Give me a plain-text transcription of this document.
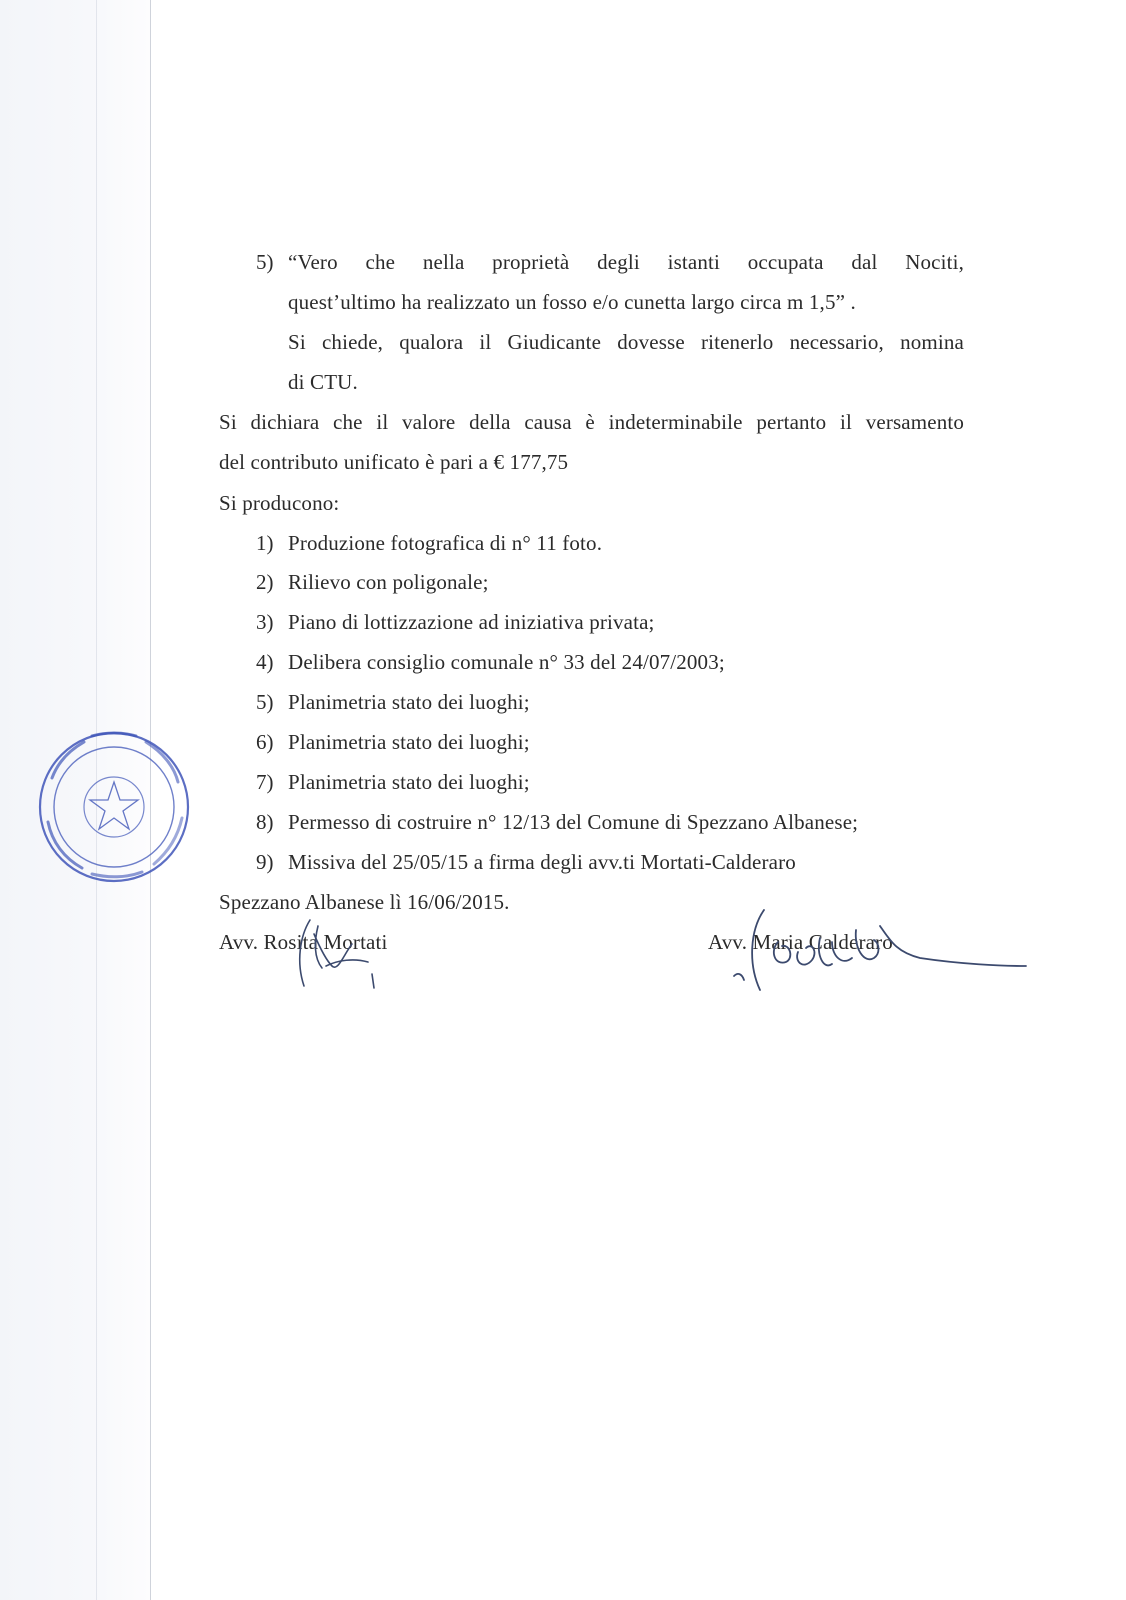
5) “Vero che nella proprietà degli istanti occupata dal Nociti,
quest’ultimo ha realizzato un fosso e/o cunetta largo circa m 1,5” .
Si chiede, qualora il Giudicante dovesse ritenerlo necessario, nomina
di CTU.
Si dichiara che il valore della causa è indeterminabile pertanto il versamento
del contributo unificato è pari a € 177,75
Si producono:
1) Produzione fotografica di n° 11 foto.
2) Rilievo con poligonale;
3) Piano di lottizzazione ad iniziativa privata;
4) Delibera consiglio comunale n° 33 del 24/07/2003;
5) Planimetria stato dei luoghi;
6) Planimetria stato dei luoghi;
7) Planimetria stato dei luoghi;
8) Permesso di costruire n° 12/13 del Comune di Spezzano Albanese;
9) Missiva del 25/05/15 a firma degli avv.ti Mortati-Calderaro
Spezzano Albanese lì 16/06/2015.
Avv. Rosita Mortati	Avv. Maria Calderaro
